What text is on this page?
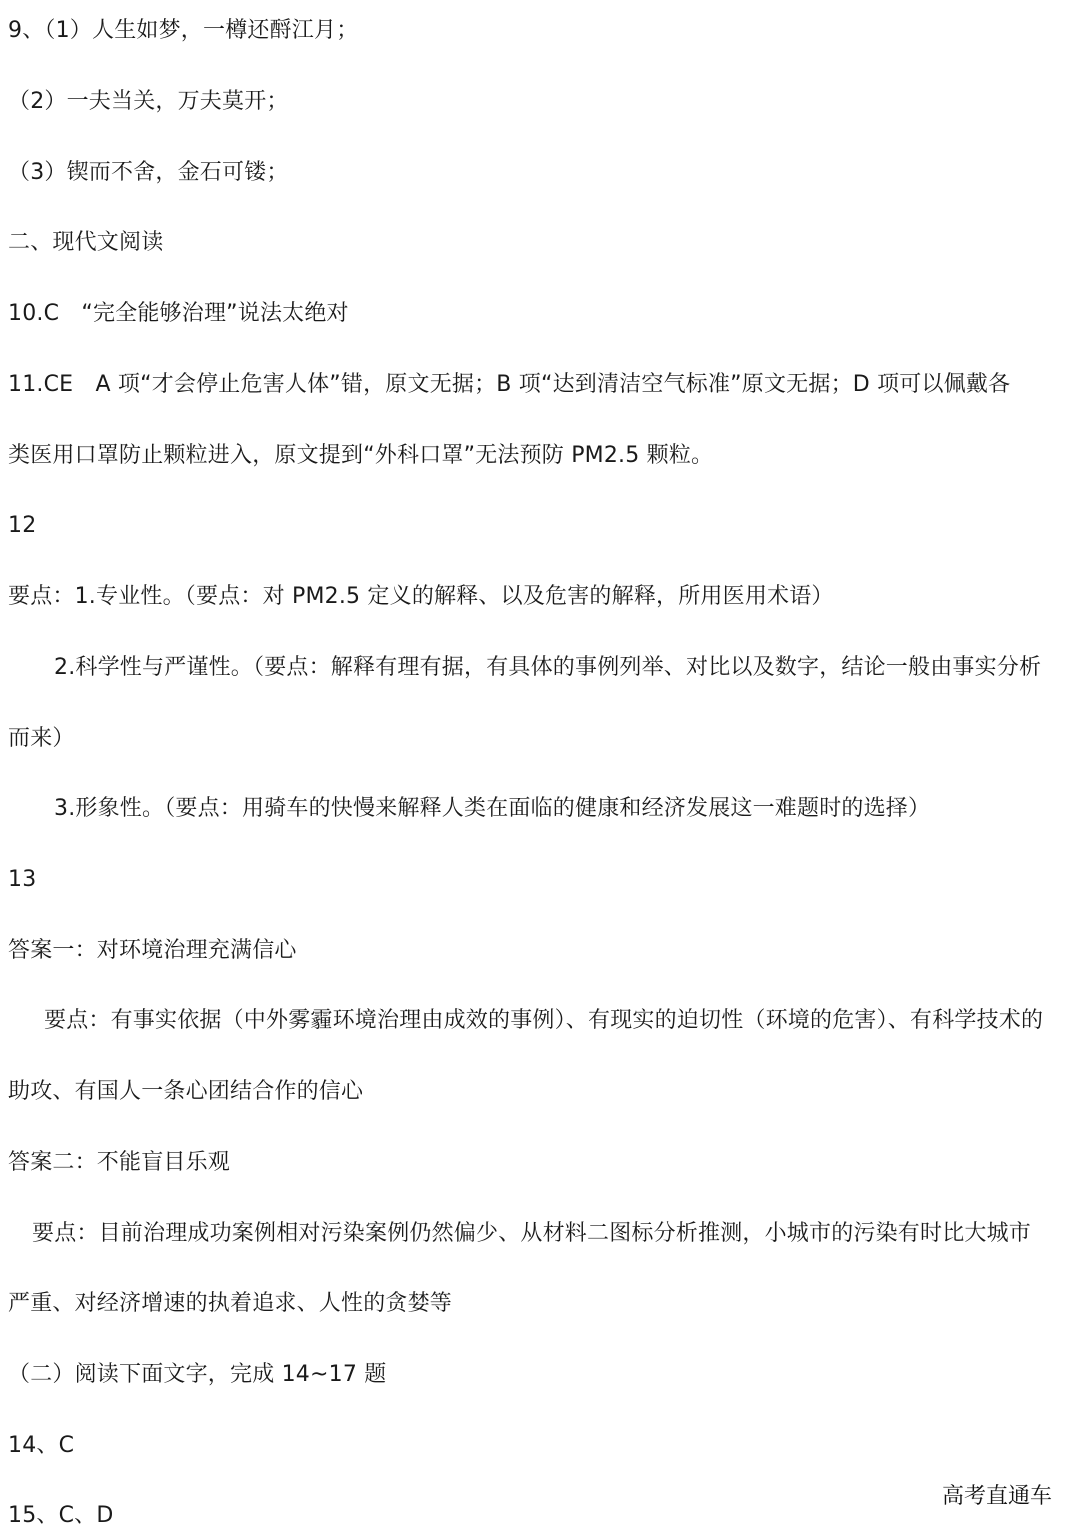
9、（1）人生如梦，一樽还酹江月；
（2）一夫当关，万夫莫开；
（3）锲而不舍，金石可镂；
二、现代文阅读
10.C　“完全能够治理”说法太绝对
11.CE　A 项“才会停止危害人体”错，原文无据；B 项“达到清洁空气标准”原文无据；D 项可以佩戴各
类医用口罩防止颗粒进入，原文提到“外科口罩”无法预防 PM2.5 颗粒。
12
要点：1.专业性。（要点：对 PM2.5 定义的解释、以及危害的解释，所用医用术语）
2.科学性与严谨性。（要点：解释有理有据，有具体的事例列举、对比以及数字，结论一般由事实分析
而来）
3.形象性。（要点：用骑车的快慢来解释人类在面临的健康和经济发展这一难题时的选择）
13
答案一：对环境治理充满信心
要点：有事实依据（中外雾霾环境治理由成效的事例）、有现实的迫切性（环境的危害）、有科学技术的
助攻、有国人一条心团结合作的信心
答案二：不能盲目乐观
要点：目前治理成功案例相对污染案例仍然偏少、从材料二图标分析推测，小城市的污染有时比大城市
严重、对经济增速的执着追求、人性的贪婪等
（二）阅读下面文字，完成 14~17 题
14、C
15、C、D
高考直通车
